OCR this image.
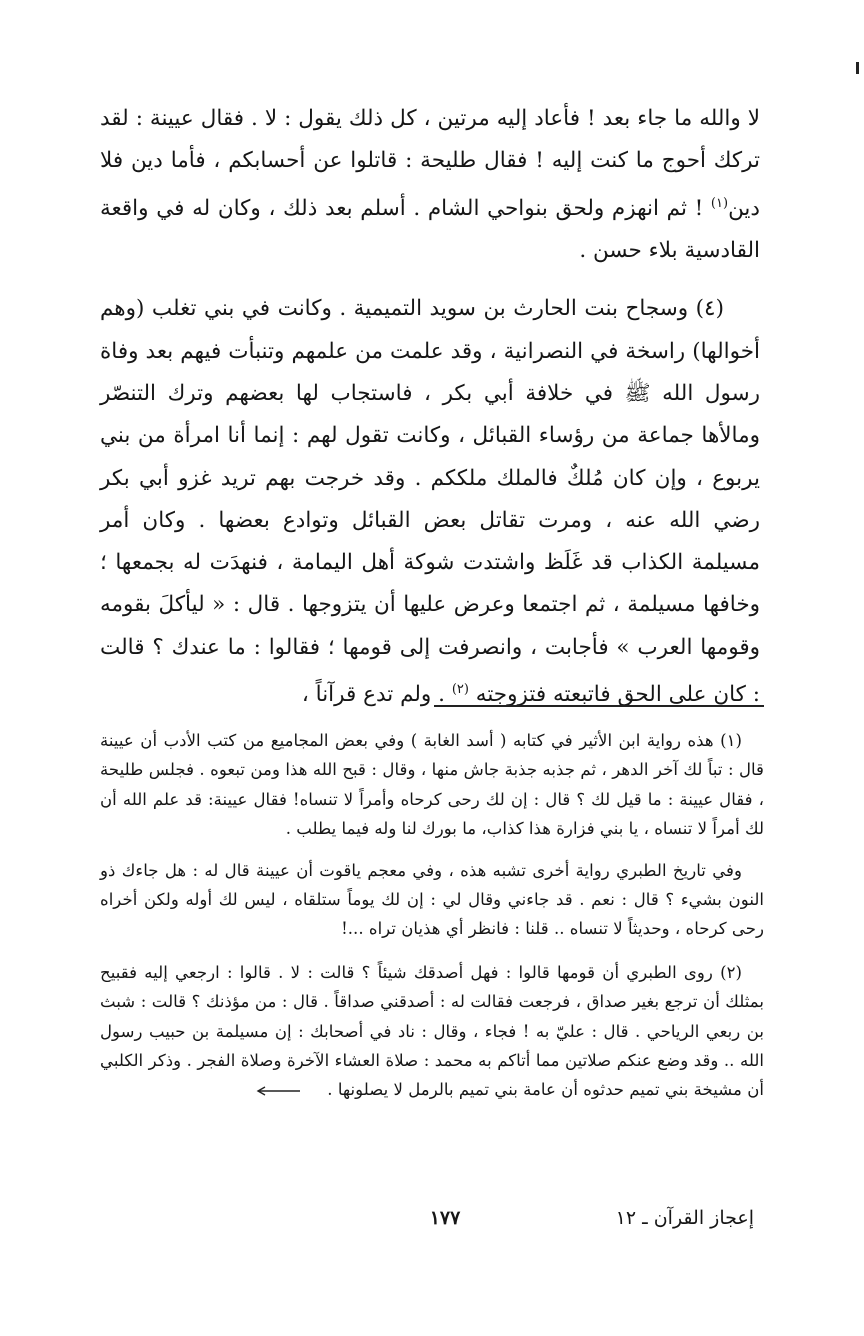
لا والله ما جاء بعد ! فأعاد إليه مرتين ، كل ذلك يقول : لا . فقال عيينة : لقد تركك أحوج ما كنت إليه ! فقال طليحة : قاتلوا عن أحسابكم ، فأما دين فلا دين$^{(١)}$ ! ثم انهزم ولحق بنواحي الشام . أسلم بعد ذلك ، وكان له في واقعة القادسية بلاء حسن .

(٤) وسجاح بنت الحارث بن سويد التميمية . وكانت في بني تغلب (وهم أخوالها) راسخة في النصرانية ، وقد علمت من علمهم وتنبأت فيهم بعد وفاة رسول الله ﷺ في خلافة أبي بكر ، فاستجاب لها بعضهم وترك التنصّر ومالأها جماعة من رؤساء القبائل ، وكانت تقول لهم : إنما أنا امرأة من بني يربوع ، وإن كان مُلكٌ فالملك ملككم . وقد خرجت بهم تريد غزو أبي بكر رضي الله عنه ، ومرت تقاتل بعض القبائل وتوادع بعضها . وكان أمر مسيلمة الكذاب قد غَلَظ واشتدت شوكة أهل اليمامة ، فنهدَت له بجمعها ؛ وخافها مسيلمة ، ثم اجتمعا وعرض عليها أن يتزوجها . قال : « ليأكلَ بقومه وقومها العرب » فأجابت ، وانصرفت إلى قومها ؛ فقالوا : ما عندك ؟ قالت : كان على الحق فاتبعته فتزوجته $^{(٢)}$ . ولم تدع قرآناً ،

(١) هذه رواية ابن الأثير في كتابه ( أسد الغابة ) وفي بعض المجاميع من كتب الأدب أن عيينة قال : تباً لك آخر الدهر ، ثم جذبه جذبة جاش منها ، وقال : قبح الله هذا ومن تبعوه . فجلس طليحة ، فقال عيينة : ما قيل لك ؟ قال : إن لك رحى كرحاه وأمراً لا تنساه! فقال عيينة: قد علم الله أن لك أمراً لا تنساه ، يا بني فزارة هذا كذاب، ما بورك لنا وله فيما يطلب .

وفي تاريخ الطبري رواية أخرى تشبه هذه ، وفي معجم ياقوت أن عيينة قال له : هل جاءك ذو النون بشيء ؟ قال : نعم . قد جاءني وقال لي : إن لك يوماً ستلقاه ، ليس لك أوله ولكن أخراه رحى كرحاه ، وحديثاً لا تنساه .. قلنا : فانظر أي هذيان تراه ...!

(٢) روى الطبري أن قومها قالوا : فهل أصدقك شيئاً ؟ قالت : لا . قالوا : ارجعي إليه فقبيح بمثلك أن ترجع بغير صداق ، فرجعت فقالت له : أصدقني صداقاً . قال : من مؤذنك ؟ قالت : شبث بن ربعي الرياحي . قال : عليّ به ! فجاء ، وقال : ناد في أصحابك : إن مسيلمة بن حبيب رسول الله .. وقد وضع عنكم صلاتين مما أتاكم به محمد : صلاة العشاء الآخرة وصلاة الفجر . وذكر الكلبي أن مشيخة بني تميم حدثوه أن عامة بني تميم بالرمل لا يصلونها .

إعجاز القرآن ـ ١٢
١٧٧
